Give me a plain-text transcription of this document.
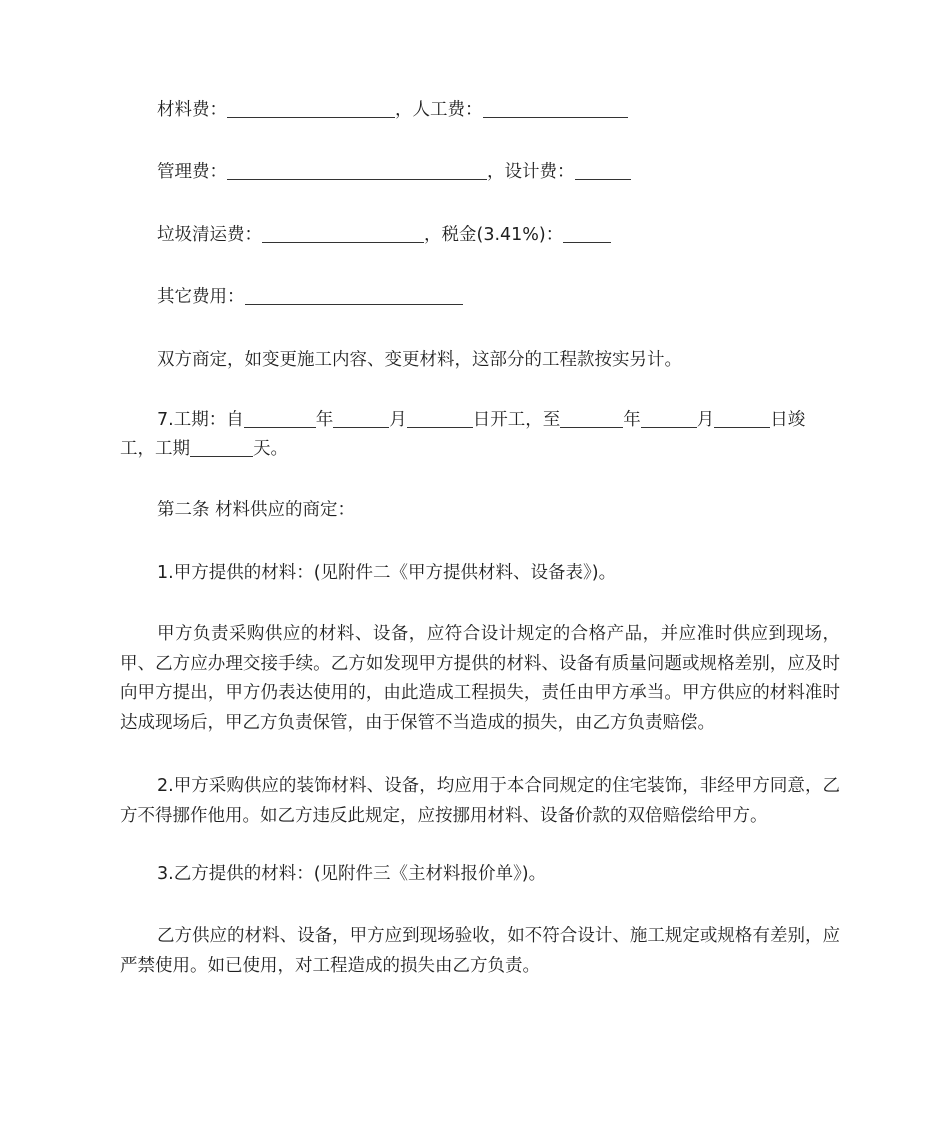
材料费：	，人工费：
管理费：	，设计费：
垃圾清运费：	，税金(3.41%)：
其它费用：
双方商定，如变更施工内容、变更材料，这部分的工程款按实另计。
7.工期：自	年	月	日开工，至	年	月	日竣
工，工期	天。
第二条 材料供应的商定：
1.甲方提供的材料：(见附件二《甲方提供材料、设备表》)。
甲方负责采购供应的材料、设备，应符合设计规定的合格产品，并应准时供应到现场，甲、乙方应办理交接手续。乙方如发现甲方提供的材料、设备有质量问题或规格差别，应及时向甲方提出，甲方仍表达使用的，由此造成工程损失，责任由甲方承当。甲方供应的材料准时达成现场后，甲乙方负责保管，由于保管不当造成的损失，由乙方负责赔偿。
2.甲方采购供应的装饰材料、设备，均应用于本合同规定的住宅装饰，非经甲方同意，乙方不得挪作他用。如乙方违反此规定，应按挪用材料、设备价款的双倍赔偿给甲方。
3.乙方提供的材料：(见附件三《主材料报价单》)。
乙方供应的材料、设备，甲方应到现场验收，如不符合设计、施工规定或规格有差别，应严禁使用。如已使用，对工程造成的损失由乙方负责。
